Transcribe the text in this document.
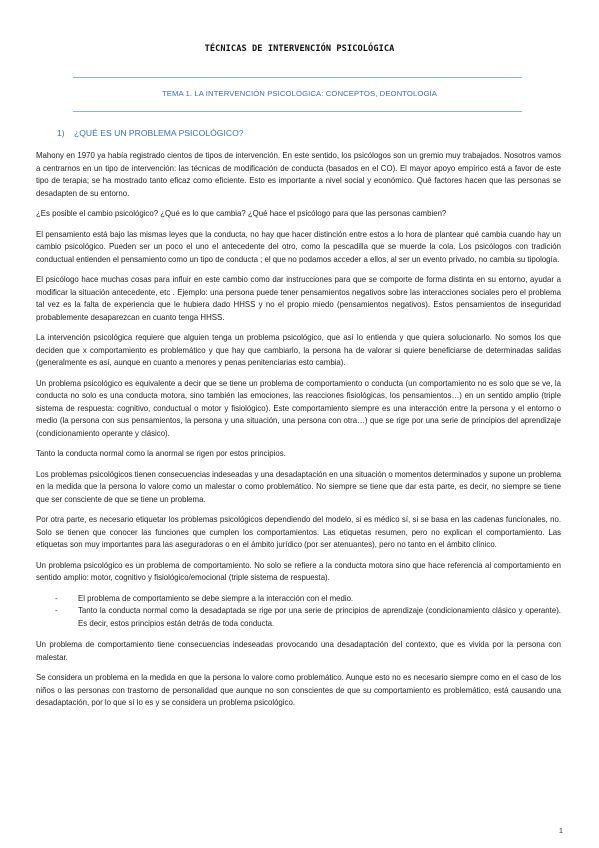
TÉCNICAS DE INTERVENCIÓN PSICOLÓGICA
TEMA 1. LA INTERVENCIÓN PSICOLÓGICA: CONCEPTOS, DEONTOLOGÍA
1) ¿QUÉ ES UN PROBLEMA PSICOLÓGICO?

Mahony en 1970 ya había registrado cientos de tipos de intervención. En este sentido, los psicólogos son un gremio muy trabajados. Nosotros vamos a centrarnos en un tipo de intervención: las técnicas de modificación de conducta (basados en el CO). El mayor apoyo empírico está a favor de este tipo de terapia; se ha mostrado tanto eficaz como eficiente. Esto es importante a nivel social y económico. Qué factores hacen que las personas se desadapten de su entorno.

¿Es posible el cambio psicológico? ¿Qué es lo que cambia? ¿Qué hace el psicólogo para que las personas cambien?

El pensamiento está bajo las mismas leyes que la conducta, no hay que hacer distinción entre estos a lo hora de plantear qué cambia cuando hay un cambio psicológico. Pueden ser un poco el uno el antecedente del otro, como la pescadilla que se muerde la cola. Los psicólogos con tradición conductual entienden el pensamiento como un tipo de conducta ; el que no podamos acceder a ellos, al ser un evento privado, no cambia su tipología.

El psicólogo hace muchas cosas para influir en este cambio como dar instrucciones para que se comporte de forma distinta en su entorno, ayudar a modificar la situación antecedente, etc . Ejemplo: una persona puede tener pensamientos negativos sobre las interacciones sociales pero el problema tal vez es la falta de experiencia que le hubiera dado HHSS y no el propio miedo (pensamientos negativos). Estos pensamientos de inseguridad probablemente desaparezcan en cuanto tenga HHSS.

La intervención psicológica requiere que alguien tenga un problema psicológico, que así lo entienda y que quiera solucionarlo. No somos los que deciden que x comportamiento es problemático y que hay que cambiarlo, la persona ha de valorar si quiere beneficiarse de determinadas salidas (generalmente es así, aunque en cuanto a menores y penas penitenciarias esto cambia).

Un problema psicológico es equivalente a decir que se tiene un problema de comportamiento o conducta (un comportamiento no es solo que se ve, la conducta no solo es una conducta motora, sino también las emociones, las reacciones fisiológicas, los pensamientos…) en un sentido amplio (triple sistema de respuesta: cognitivo, conductual o motor y fisiológico). Este comportamiento siempre es una interacción entre la persona y el entorno o medio (la persona con sus pensamientos, la persona y una situación, una persona con otra…) que se rige por una serie de principios del aprendizaje (condicionamiento operante y clásico).

Tanto la conducta normal como la anormal se rigen por estos principios.

Los problemas psicológicos tienen consecuencias indeseadas y una desadaptación en una situación o momentos determinados y supone un problema en la medida que la persona lo valore como un malestar o como problemático. No siempre se tiene que dar esta parte, es decir, no siempre se tiene que ser consciente de que se tiene un problema.

Por otra parte, es necesario etiquetar los problemas psicológicos dependiendo del modelo, si es médico sí, si se basa en las cadenas funcionales, no. Solo se tienen que conocer las funciones que cumplen los comportamientos. Las etiquetas resumen, pero no explican el comportamiento. Las etiquetas son muy importantes para las aseguradoras o en el ámbito jurídico (por ser atenuantes), pero no tanto en el ámbito clínico.

Un problema psicológico es un problema de comportamiento. No solo se refiere a la conducta motora sino que hace referencia al comportamiento en sentido amplio: motor, cognitivo y fisiológico/emocional (triple sistema de respuesta).

-	El problema de comportamiento se debe siempre a la interacción con el medio.
-	Tanto la conducta normal como la desadaptada se rige por una serie de principios de aprendizaje (condicionamiento clásico y operante). Es decir, estos principios están detrás de toda conducta.

Un problema de comportamiento tiene consecuencias indeseadas provocando una desadaptación del contexto, que es vivida por la persona con malestar.

Se considera un problema en la medida en que la persona lo valore como problemático. Aunque esto no es necesario siempre como en el caso de los niños o las personas con trastorno de personalidad que aunque no son conscientes de que su comportamiento es problemático, está causando una desadaptación, por lo que sí lo es y se considera un problema psicológico.

1
